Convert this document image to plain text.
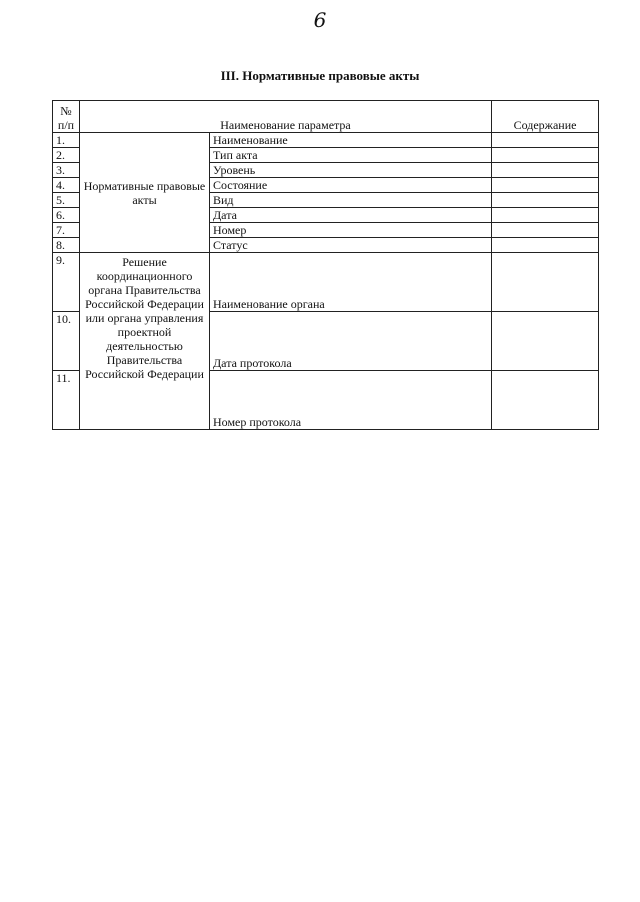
6
III. Нормативные правовые акты
№
п/п	Наименование параметра		Содержание
1.	Нормативные правовые акты	Наименование	
2.		Тип акта	
3.		Уровень	
4.		Состояние	
5.		Вид	
6.		Дата	
7.		Номер	
8.		Статус	
9.	Решение координационного органа Правительства Российской Федерации или органа управления проектной деятельностью Правительства Российской Федерации	Наименование органа	
10.		Дата протокола	
11.		Номер протокола	
